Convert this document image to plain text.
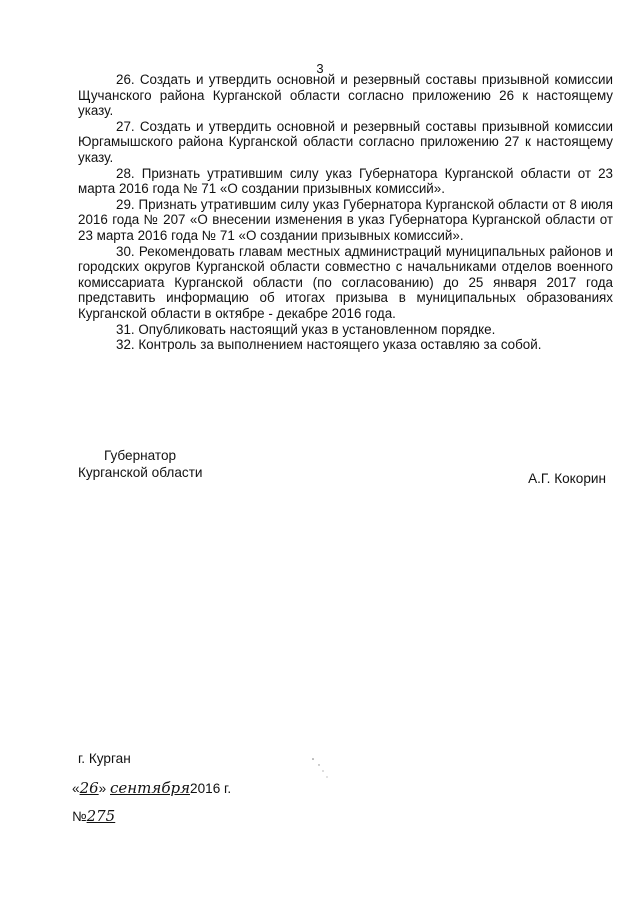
3

26. Создать и утвердить основной и резервный составы призывной комиссии Щучанского района Курганской области согласно приложению 26 к настоящему указу.

27. Создать и утвердить основной и резервный составы призывной комиссии Юргамышского района Курганской области согласно приложению 27 к настоящему указу.

28. Признать утратившим силу указ Губернатора Курганской области от 23 марта 2016 года № 71 «О создании призывных комиссий».

29. Признать утратившим силу указ Губернатора Курганской области от 8 июля 2016 года № 207 «О внесении изменения в указ Губернатора Курганской области от 23 марта 2016 года № 71 «О создании призывных комиссий».

30. Рекомендовать главам местных администраций муниципальных районов и городских округов Курганской области совместно с начальниками отделов военного комиссариата Курганской области (по согласованию) до 25 января 2017 года представить информацию об итогах призыва в муниципальных образованиях Курганской области в октябре - декабре 2016 года.

31. Опубликовать настоящий указ в установленном порядке.

32. Контроль за выполнением настоящего указа оставляю за собой.

Губернатор
Курганской области	А.Г. Кокорин
г. Курган
«26» сентября2016 г.
№275
